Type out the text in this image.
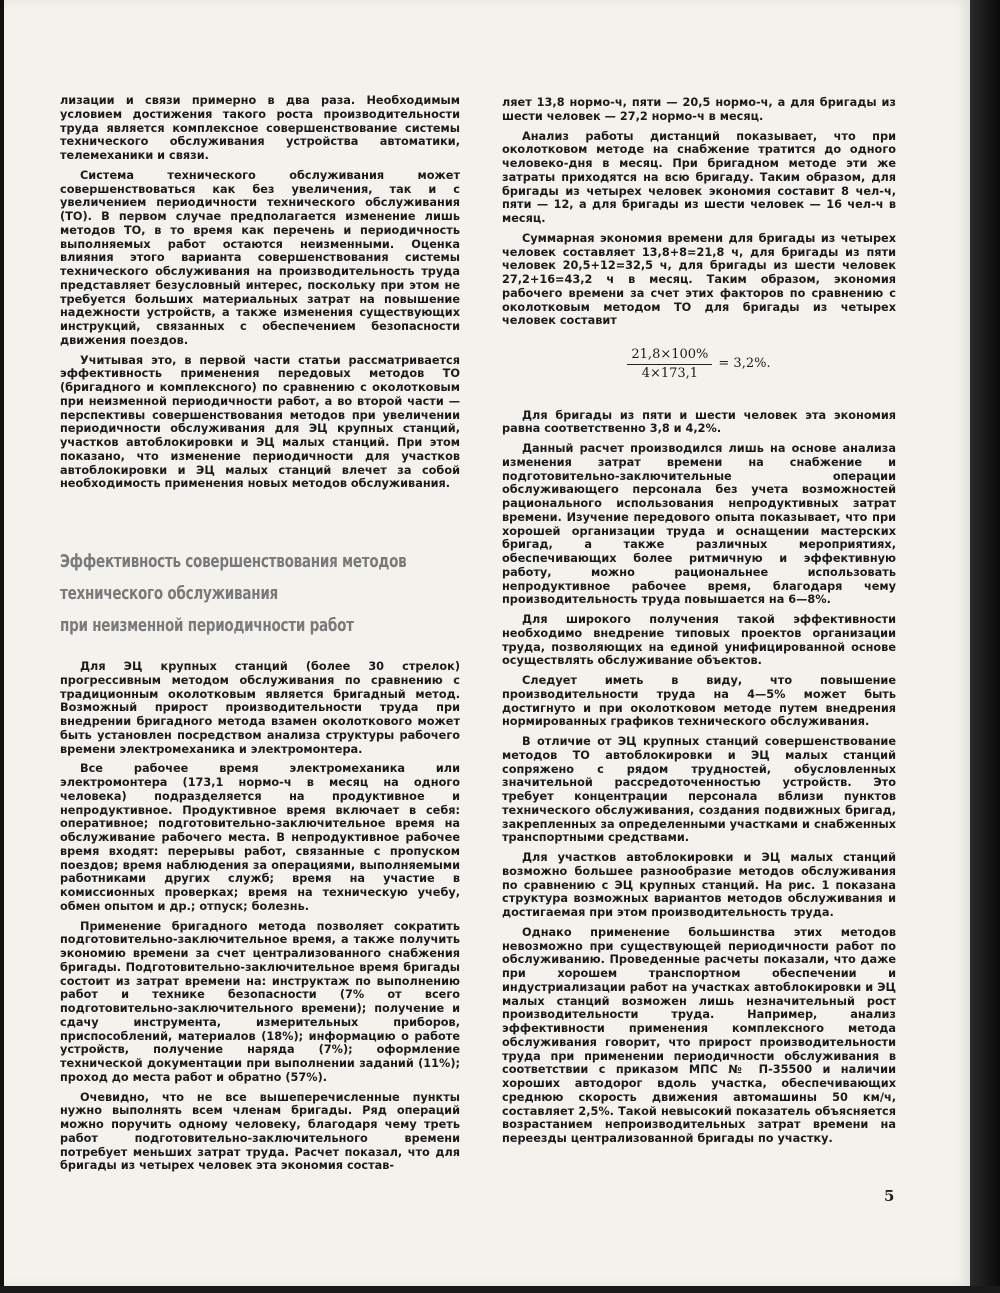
лизации и связи примерно в два раза. Необходимым условием достижения такого роста производительности труда является комплексное совершенствование системы технического обслуживания устройства автоматики, телемеханики и связи.

Система технического обслуживания может совершенствоваться как без увеличения, так и с увеличением периодичности технического обслуживания (ТО). В первом случае предполагается изменение лишь методов ТО, в то время как перечень и периодичность выполняемых работ остаются неизменными. Оценка влияния этого варианта совершенствования системы технического обслуживания на производительность труда представляет безусловный интерес, поскольку при этом не требуется больших материальных затрат на повышение надежности устройств, а также изменения существующих инструкций, связанных с обеспечением безопасности движения поездов.

Учитывая это, в первой части статьи рассматривается эффективность применения передовых методов ТО (бригадного и комплексного) по сравнению с околотковым при неизменной периодичности работ, а во второй части — перспективы совершенствования методов при увеличении периодичности обслуживания для ЭЦ крупных станций, участков автоблокировки и ЭЦ малых станций. При этом показано, что изменение периодичности для участков автоблокировки и ЭЦ малых станций влечет за собой необходимость применения новых методов обслуживания.

Эффективность совершенствования методов
технического обслуживания
при неизменной периодичности работ

Для ЭЦ крупных станций (более 30 стрелок) прогрессивным методом обслуживания по сравнению с традиционным околотковым является бригадный метод. Возможный прирост производительности труда при внедрении бригадного метода взамен околоткового может быть установлен посредством анализа структуры рабочего времени электромеханика и электромонтера.

Все рабочее время электромеханика или электромонтера (173,1 нормо-ч в месяц на одного человека) подразделяется на продуктивное и непродуктивное. Продуктивное время включает в себя: оперативное; подготовительно-заключительное время на обслуживание рабочего места. В непродуктивное рабочее время входят: перерывы работ, связанные с пропуском поездов; время наблюдения за операциями, выполняемыми работниками других служб; время на участие в комиссионных проверках; время на техническую учебу, обмен опытом и др.; отпуск; болезнь.

Применение бригадного метода позволяет сократить подготовительно-заключительное время, а также получить экономию времени за счет централизованного снабжения бригады. Подготовительно-заключительное время бригады состоит из затрат времени на: инструктаж по выполнению работ и технике безопасности (7% от всего подготовительно-заключительного времени); получение и сдачу инструмента, измерительных приборов, приспособлений, материалов (18%); информацию о работе устройств, получение наряда (7%); оформление технической документации при выполнении заданий (11%); проход до места работ и обратно (57%).

Очевидно, что не все вышеперечисленные пункты нужно выполнять всем членам бригады. Ряд операций можно поручить одному человеку, благодаря чему треть работ подготовительно-заключительного времени потребует меньших затрат труда. Расчет показал, что для бригады из четырех человек эта экономия состав-

ляет 13,8 нормо-ч, пяти — 20,5 нормо-ч, а для бригады из шести человек — 27,2 нормо-ч в месяц.

Анализ работы дистанций показывает, что при околотковом методе на снабжение тратится до одного человеко-дня в месяц. При бригадном методе эти же затраты приходятся на всю бригаду. Таким образом, для бригады из четырех человек экономия составит 8 чел-ч, пяти — 12, а для бригады из шести человек — 16 чел-ч в месяц.

Суммарная экономия времени для бригады из четырех человек составляет 13,8+8=21,8 ч, для бригады из пяти человек 20,5+12=32,5 ч, для бригады из шести человек 27,2+16=43,2 ч в месяц. Таким образом, экономия рабочего времени за счет этих факторов по сравнению с околотковым методом ТО для бригады из четырех человек составит

$\frac{21,8\times 100\%}{4\times 173,1} = 3,2\%$.

Для бригады из пяти и шести человек эта экономия равна соответственно 3,8 и 4,2%.

Данный расчет производился лишь на основе анализа изменения затрат времени на снабжение и подготовительно-заключительные операции обслуживающего персонала без учета возможностей рационального использования непродуктивных затрат времени. Изучение передового опыта показывает, что при хорошей организации труда и оснащении мастерских бригад, а также различных мероприятиях, обеспечивающих более ритмичную и эффективную работу, можно рациональнее использовать непродуктивное рабочее время, благодаря чему производительность труда повышается на 6—8%.

Для широкого получения такой эффективности необходимо внедрение типовых проектов организации труда, позволяющих на единой унифицированной основе осуществлять обслуживание объектов.

Следует иметь в виду, что повышение производительности труда на 4—5% может быть достигнуто и при околотковом методе путем внедрения нормированных графиков технического обслуживания.

В отличие от ЭЦ крупных станций совершенствование методов ТО автоблокировки и ЭЦ малых станций сопряжено с рядом трудностей, обусловленных значительной рассредоточенностью устройств. Это требует концентрации персонала вблизи пунктов технического обслуживания, создания подвижных бригад, закрепленных за определенными участками и снабженных транспортными средствами.

Для участков автоблокировки и ЭЦ малых станций возможно большее разнообразие методов обслуживания по сравнению с ЭЦ крупных станций. На рис. 1 показана структура возможных вариантов методов обслуживания и достигаемая при этом производительность труда.

Однако применение большинства этих методов невозможно при существующей периодичности работ по обслуживанию. Проведенные расчеты показали, что даже при хорошем транспортном обеспечении и индустриализации работ на участках автоблокировки и ЭЦ малых станций возможен лишь незначительный рост производительности труда. Например, анализ эффективности применения комплексного метода обслуживания говорит, что прирост производительности труда при применении периодичности обслуживания в соответствии с приказом МПС № П-35500 и наличии хороших автодорог вдоль участка, обеспечивающих среднюю скорость движения автомашины 50 км/ч, составляет 2,5%. Такой невысокий показатель объясняется возрастанием непроизводительных затрат времени на переезды централизованной бригады по участку.

5
